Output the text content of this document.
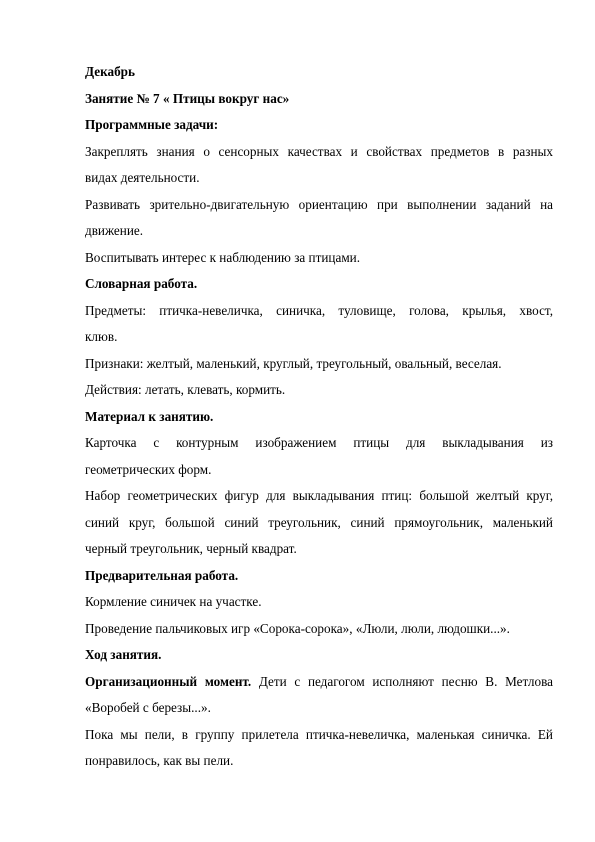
Декабрь

Занятие № 7 « Птицы вокруг нас»

Программные задачи:

Закреплять знания о сенсорных качествах и свойствах предметов в разных

видах деятельности.

Развивать зрительно-двигательную ориентацию при выполнении заданий на

движение.

Воспитывать интерес к наблюдению за птицами.

Словарная работа.

Предметы: птичка-невеличка, синичка, туловище, голова, крылья, хвост,

клюв.

Признаки: желтый, маленький, круглый, треугольный, овальный, веселая.

Действия: летать, клевать, кормить.

Материал к занятию.

Карточка с контурным изображением птицы для выкладывания из

геометрических форм.

Набор геометрических фигур для выкладывания птиц: большой желтый круг,

синий круг, большой синий треугольник, синий прямоугольник, маленький

черный треугольник, черный квадрат.

Предварительная работа.

Кормление синичек на участке.

Проведение пальчиковых игр «Сорока-сорока», «Люли, люли, людошки...».

Ход занятия.

Организационный момент. Дети с педагогом исполняют песню В. Метлова

«Воробей с березы...».

Пока мы пели, в группу прилетела птичка-невеличка, маленькая синичка. Ей

понравилось, как вы пели.
